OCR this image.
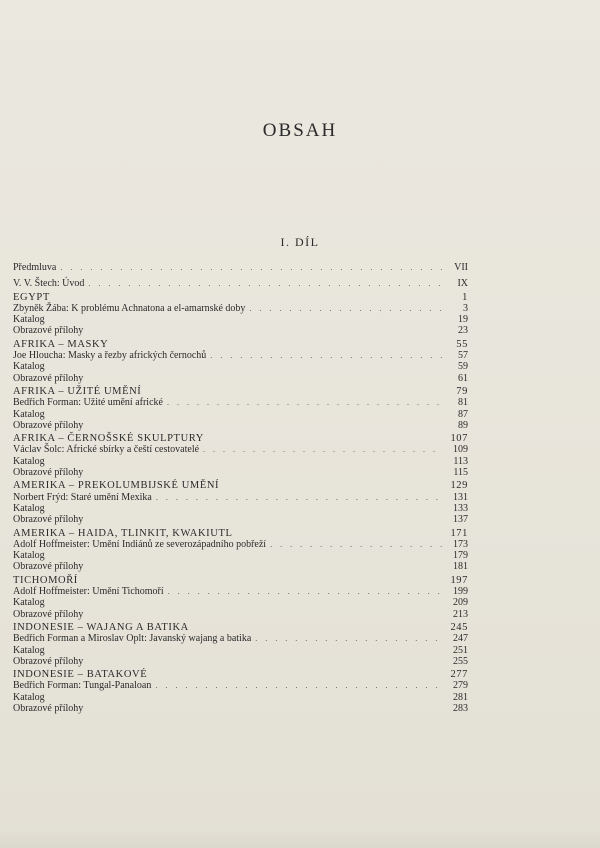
OBSAH
I. DÍL
Předmluva . . .	VII
V. V. Štech: Úvod . . .	IX
EGYPT	1
Zbyněk Žába: K problému Achnatona a el-amarnské doby . . .	3
Katalog	19
Obrazové přílohy	23
AFRIKA – MASKY	55
Joe Hloucha: Masky a řezby afrických černochů . . .	57
Katalog	59
Obrazové přílohy	61
AFRIKA – UŽITÉ UMĚNÍ	79
Bedřich Forman: Užité umění africké . . .	81
Katalog	87
Obrazové přílohy	89
AFRIKA – ČERNOŠSKÉ SKULPTURY	107
Václav Šolc: Africké sbírky a čeští cestovatelé . . .	109
Katalog	113
Obrazové přílohy	115
AMERIKA – PREKOLUMBIJSKÉ UMĚNÍ	129
Norbert Frýd: Staré umění Mexika . . .	131
Katalog	133
Obrazové přílohy	137
AMERIKA – HAIDA, TLINKIT, KWAKIUTL	171
Adolf Hoffmeister: Umění Indiánů ze severozápadního pobřeží . . .	173
Katalog	179
Obrazové přílohy	181
TICHOMOŘÍ	197
Adolf Hoffmeister: Umění Tichomoří . . .	199
Katalog	209
Obrazové přílohy	213
INDONESIE – WAJANG A BATIKA	245
Bedřich Forman a Miroslav Oplt: Javanský wajang a batika . . .	247
Katalog	251
Obrazové přílohy	255
INDONESIE – BATAKOVÉ	277
Bedřich Forman: Tungal-Panaloan . . .	279
Katalog	281
Obrazové přílohy	283
